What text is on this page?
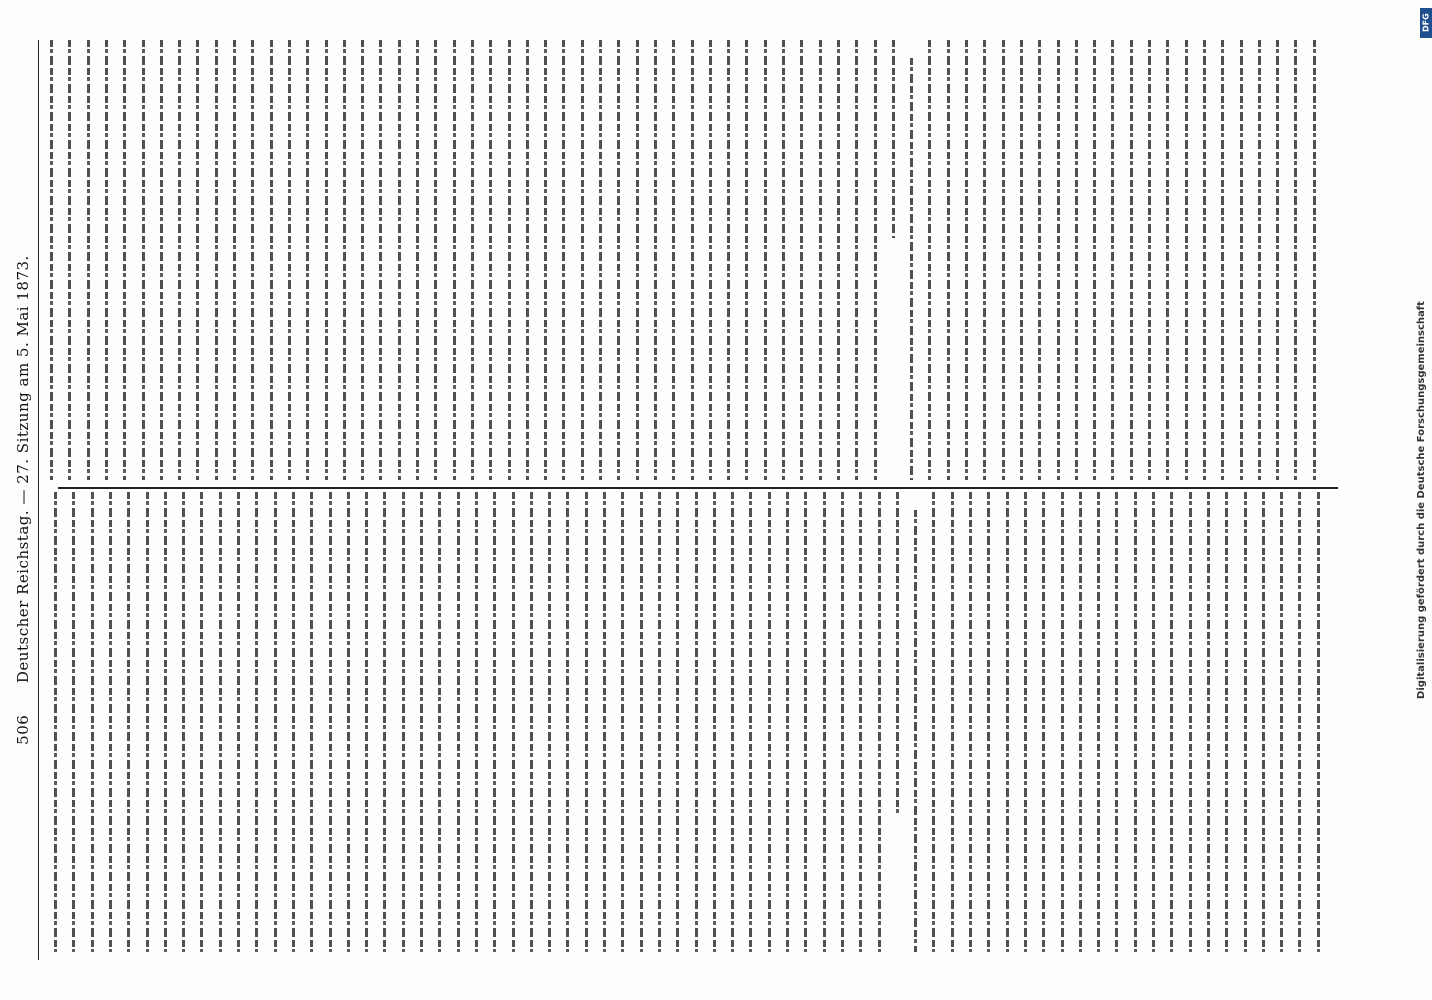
506      Deutscher Reichstag. — 27. Sitzung am 5. Mai 1873.
DFG
Digitalisierung gefördert durch die Deutsche Forschungsgemeinschaft
